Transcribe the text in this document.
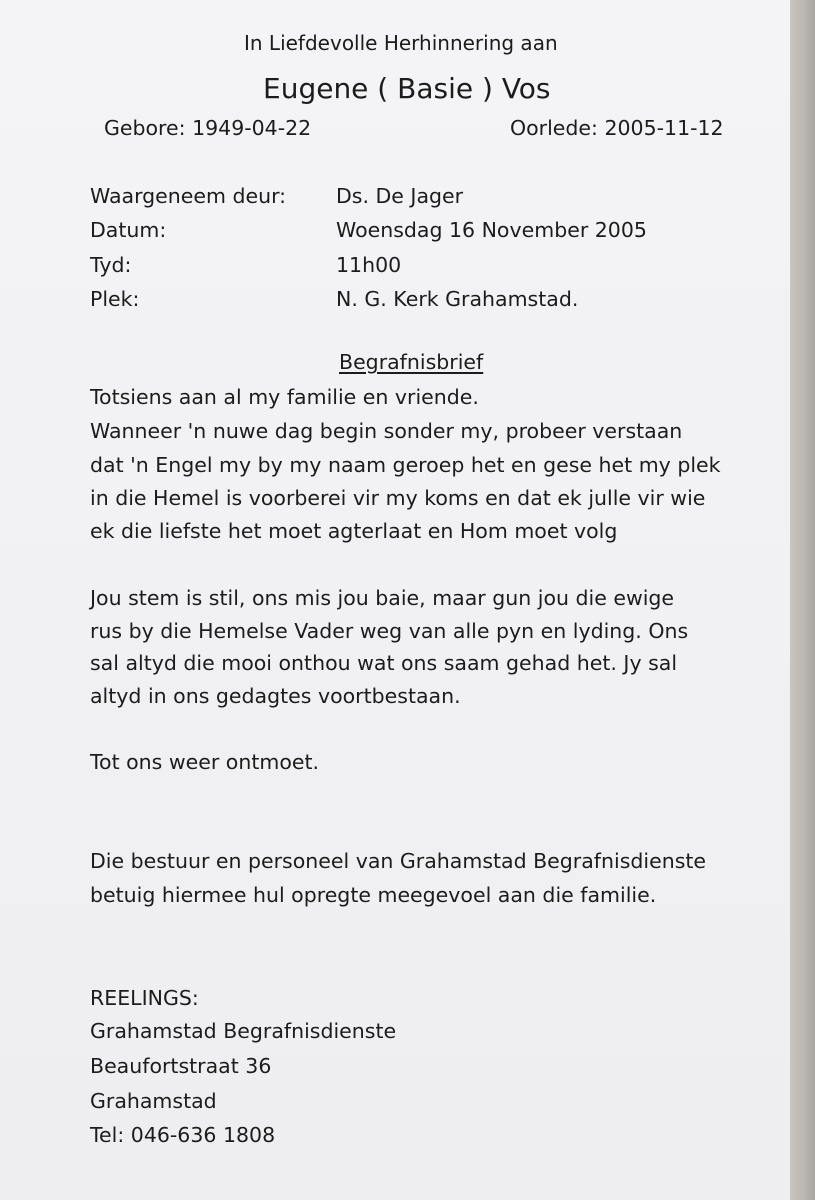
In Liefdevolle Herhinnering aan
Eugene ( Basie ) Vos
Gebore: 1949-04-22	Oorlede: 2005-11-12
Waargeneem deur: Ds. De Jager
Datum:	Woensdag 16 November 2005
Tyd:	11h00
Plek:	N. G. Kerk Grahamstad.
Begrafnisbrief
Totsiens aan al my familie en vriende.
Wanneer 'n nuwe dag begin sonder my, probeer verstaan
dat 'n Engel my by my naam geroep het en gese het my plek
in die Hemel is voorberei vir my koms en dat ek julle vir wie
ek die liefste het moet agterlaat en Hom moet volg
Jou stem is stil, ons mis jou baie, maar gun jou die ewige
rus by die Hemelse Vader weg van alle pyn en lyding. Ons
sal altyd die mooi onthou wat ons saam gehad het. Jy sal
altyd in ons gedagtes voortbestaan.
Tot ons weer ontmoet.
Die bestuur en personeel van Grahamstad Begrafnisdienste
betuig hiermee hul opregte meegevoel aan die familie.
REELINGS:
Grahamstad Begrafnisdienste
Beaufortstraat 36
Grahamstad
Tel: 046-636 1808
